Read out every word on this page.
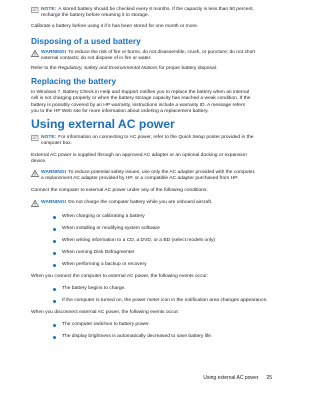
NOTE: A stored battery should be checked every 6 months. If the capacity is less than 50 percent,
recharge the battery before returning it to storage.
Calibrate a battery before using it if it has been stored for one month or more.
Disposing of a used battery
WARNING! To reduce the risk of fire or burns, do not disassemble, crush, or puncture; do not short
external contacts; do not dispose of in fire or water.
Refer to the Regulatory, Safety and Environmental Notices for proper battery disposal.
Replacing the battery
In Windows 7, Battery Check in Help and Support notifies you to replace the battery when an internal
cell is not charging properly or when the battery storage capacity has reached a weak condition. If the
battery is possibly covered by an HP warranty, instructions include a warranty ID. A message refers
you to the HP Web site for more information about ordering a replacement battery.
Using external AC power
NOTE: For information on connecting to AC power, refer to the Quick Setup poster provided in the
computer box.
External AC power is supplied through an approved AC adapter or an optional docking or expansion
device.
WARNING! To reduce potential safety issues, use only the AC adapter provided with the computer,
a replacement AC adapter provided by HP, or a compatible AC adapter purchased from HP.
Connect the computer to external AC power under any of the following conditions:
WARNING! Do not charge the computer battery while you are onboard aircraft.
When charging or calibrating a battery
When installing or modifying system software
When writing information to a CD, a DVD, or a BD (select models only)
When running Disk Defragmenter
When performing a backup or recovery
When you connect the computer to external AC power, the following events occur:
The battery begins to charge.
If the computer is turned on, the power meter icon in the notification area changes appearance.
When you disconnect external AC power, the following events occur:
The computer switches to battery power.
The display brightness is automatically decreased to save battery life.
Using external AC power 25
